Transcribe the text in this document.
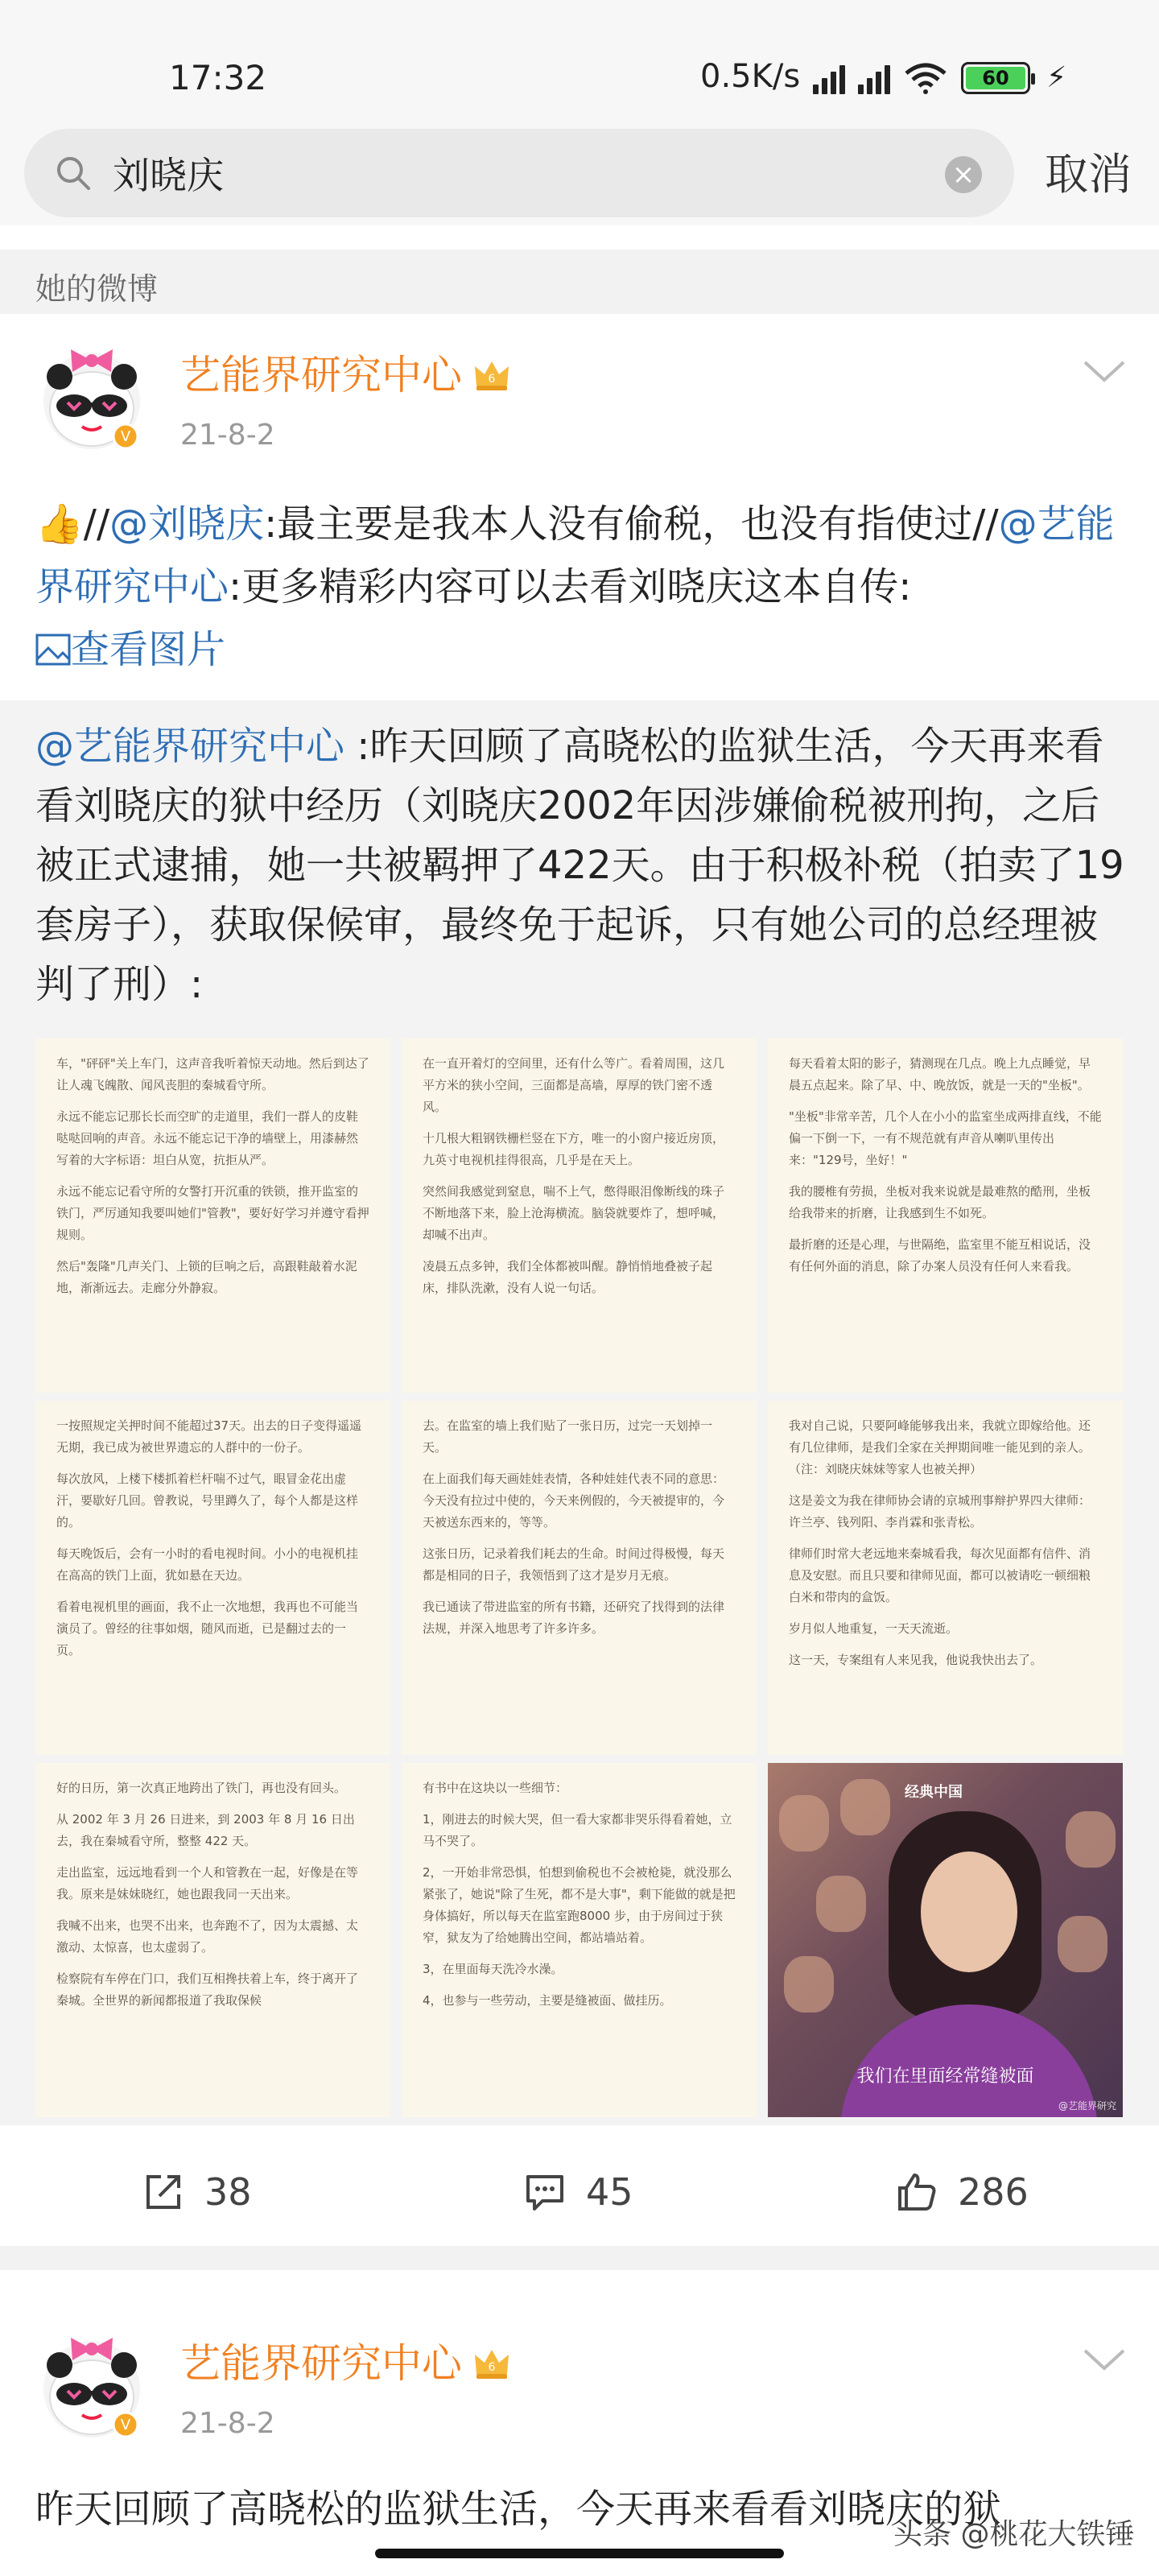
17:32	0.5K/s	60	⚡
刘晓庆
× 取消
她的微博
V
艺能界研究中心 6
21-8-2
👍//@刘晓庆:最主要是我本人没有偷税，也没有指使过//@艺能界研究中心:更多精彩内容可以去看刘晓庆这本自传:
查看图片
@艺能界研究中心 :昨天回顾了高晓松的监狱生活，今天再来看看刘晓庆的狱中经历（刘晓庆2002年因涉嫌偷税被刑拘，之后被正式逮捕，她一共被羁押了422天。由于积极补税（拍卖了19套房子），获取保候审，最终免于起诉，只有她公司的总经理被判了刑）:

车，"砰砰"关上车门，这声音我听着惊天动地。然后到达了让人魂飞魄散、闻风丧胆的秦城看守所。

永远不能忘记那长长而空旷的走道里，我们一群人的皮鞋哒哒回响的声音。永远不能忘记干净的墙壁上，用漆赫然写着的大字标语：坦白从宽，抗拒从严。

永远不能忘记看守所的女警打开沉重的铁锁，推开监室的铁门，严厉通知我要叫她们"管教"，要好好学习并遵守看押规则。

然后"轰隆"几声关门、上锁的巨响之后，高跟鞋敲着水泥地，渐渐远去。走廊分外静寂。

在一直开着灯的空间里，还有什么等广。看着周围，这几平方米的狭小空间，三面都是高墙，厚厚的铁门密不透风。

十几根大粗钢铁栅栏竖在下方，唯一的小窗户接近房顶，九英寸电视机挂得很高，几乎是在天上。

突然间我感觉到窒息，喘不上气，憋得眼泪像断线的珠子不断地落下来，脸上沧海横流。脑袋就要炸了，想呼喊，却喊不出声。

凌晨五点多钟，我们全体都被叫醒。静悄悄地叠被子起床，排队洗漱，没有人说一句话。

每天看着太阳的影子，猜测现在几点。晚上九点睡觉，早晨五点起来。除了早、中、晚放饭，就是一天的"坐板"。

"坐板"非常辛苦，几个人在小小的监室坐成两排直线，不能偏一下倒一下，一有不规范就有声音从喇叭里传出来："129号，坐好！"

我的腰椎有劳损，坐板对我来说就是最难熬的酷刑，坐板给我带来的折磨，让我感到生不如死。

最折磨的还是心理，与世隔绝，监室里不能互相说话，没有任何外面的消息，除了办案人员没有任何人来看我。

一按照规定关押时间不能超过37天。出去的日子变得遥遥无期，我已成为被世界遗忘的人群中的一份子。

每次放风，上楼下楼抓着栏杆喘不过气，眼冒金花出虚汗，要歇好几回。曾教说，号里蹲久了，每个人都是这样的。

每天晚饭后，会有一小时的看电视时间。小小的电视机挂在高高的铁门上面，犹如悬在天边。

看着电视机里的画面，我不止一次地想，我再也不可能当演员了。曾经的往事如烟，随风而逝，已是翻过去的一页。

去。在监室的墙上我们贴了一张日历，过完一天划掉一天。

在上面我们每天画娃娃表情，各种娃娃代表不同的意思：今天没有拉过中使的，今天来例假的，今天被提审的，今天被送东西来的，等等。

这张日历，记录着我们耗去的生命。时间过得极慢，每天都是相同的日子，我领悟到了这才是岁月无痕。

我已通读了带进监室的所有书籍，还研究了找得到的法律法规，并深入地思考了许多许多。

我对自己说，只要阿峰能够我出来，我就立即嫁给他。还有几位律师，是我们全家在关押期间唯一能见到的亲人。（注：刘晓庆妹妹等家人也被关押）

这是姜文为我在律师协会请的京城刑事辩护界四大律师：许兰亭、钱列阳、李肖霖和张青松。

律师们时常大老远地来秦城看我，每次见面都有信件、消息及安慰。而且只要和律师见面，都可以被请吃一顿细粮白米和带肉的盒饭。

岁月似人地重复，一天天流逝。

这一天，专案组有人来见我，他说我快出去了。

好的日历，第一次真正地跨出了铁门，再也没有回头。

从 2002 年 3 月 26 日进来，到 2003 年 8 月 16 日出去，我在秦城看守所，整整 422 天。

走出监室，远远地看到一个人和管教在一起，好像是在等我。原来是妹妹晓红，她也跟我同一天出来。

我喊不出来，也哭不出来，也奔跑不了，因为太震撼、太激动、太惊喜，也太虚弱了。

检察院有车停在门口，我们互相搀扶着上车，终于离开了秦城。全世界的新闻都报道了我取保候

有书中在这块以一些细节：

1，刚进去的时候大哭，但一看大家都非哭乐得看着她，立马不哭了。

2，一开始非常恐惧，怕想到偷税也不会被枪毙，就没那么紧张了，她说"除了生死，都不是大事"，剩下能做的就是把身体搞好，所以每天在监室跑8000 步，由于房间过于狭窄，狱友为了给她腾出空间，都站墙站着。

3，在里面每天洗冷水澡。

4，也参与一些劳动，主要是缝被面、做挂历。

经典中国
我们在里面经常缝被面
@艺能界研究
38	45	286
V
艺能界研究中心 6
21-8-2
昨天回顾了高晓松的监狱生活，今天再来看看刘晓庆的狱
头条 @桃花大铁锤
